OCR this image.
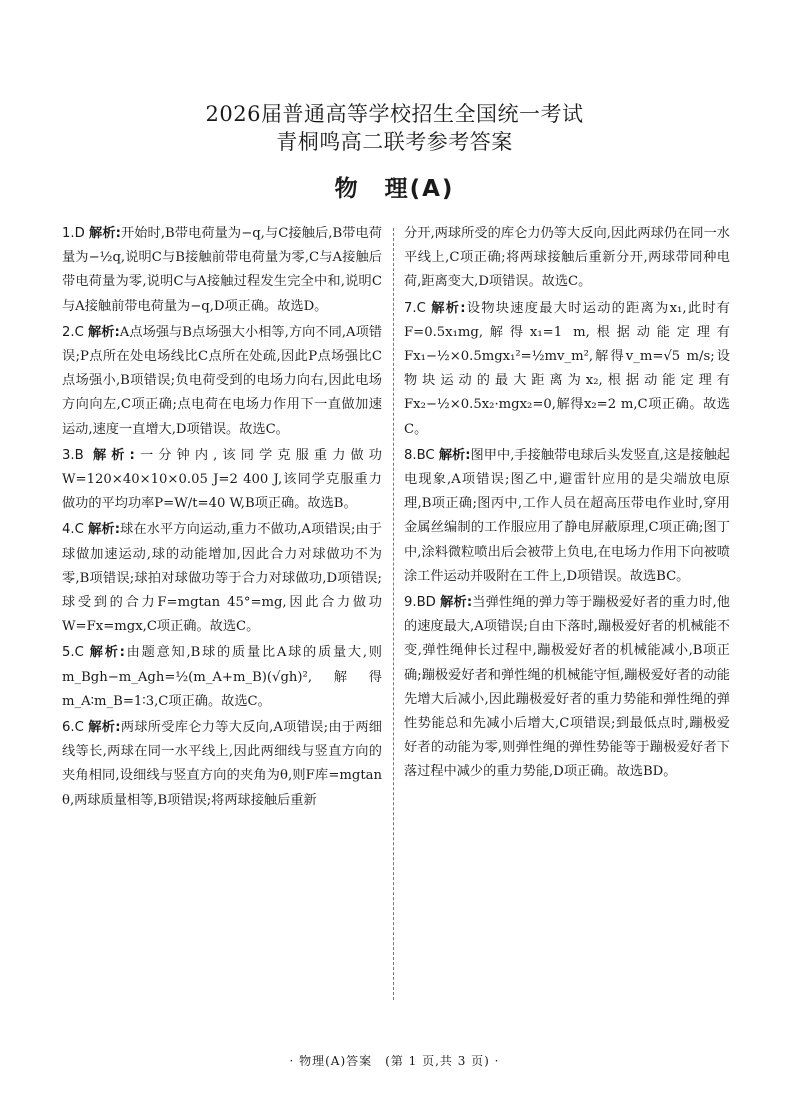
2026届普通高等学校招生全国统一考试
青桐鸣高二联考参考答案
物　理(A)

1.D 解析:开始时,B带电荷量为−q,与C接触后,B带电荷量为−½q,说明C与B接触前带电荷量为零,C与A接触后带电荷量为零,说明C与A接触过程发生完全中和,说明C与A接触前带电荷量为−q,D项正确。故选D。

2.C 解析:A点场强与B点场强大小相等,方向不同,A项错误;P点所在处电场线比C点所在处疏,因此P点场强比C点场强小,B项错误;负电荷受到的电场力向右,因此电场方向向左,C项正确;点电荷在电场力作用下一直做加速运动,速度一直增大,D项错误。故选C。

3.B 解析:一分钟内,该同学克服重力做功W=120×40×10×0.05 J=2 400 J,该同学克服重力做功的平均功率P=W/t=40 W,B项正确。故选B。

4.C 解析:球在水平方向运动,重力不做功,A项错误;由于球做加速运动,球的动能增加,因此合力对球做功不为零,B项错误;球拍对球做功等于合力对球做功,D项错误;球受到的合力F=mgtan 45°=mg,因此合力做功W=Fx=mgx,C项正确。故选C。

5.C 解析:由题意知,B球的质量比A球的质量大,则m_Bgh−m_Agh=½(m_A+m_B)(√gh)²,解得m_A∶m_B=1∶3,C项正确。故选C。

6.C 解析:两球所受库仑力等大反向,A项错误;由于两细线等长,两球在同一水平线上,因此两细线与竖直方向的夹角相同,设细线与竖直方向的夹角为θ,则F库=mgtan θ,两球质量相等,B项错误;将两球接触后重新

分开,两球所受的库仑力仍等大反向,因此两球仍在同一水平线上,C项正确;将两球接触后重新分开,两球带同种电荷,距离变大,D项错误。故选C。

7.C 解析:设物块速度最大时运动的距离为x₁,此时有F=0.5x₁mg,解得x₁=1 m,根据动能定理有Fx₁−½×0.5mgx₁²=½mv_m²,解得v_m=√5 m/s;设物块运动的最大距离为x₂,根据动能定理有Fx₂−½×0.5x₂·mgx₂=0,解得x₂=2 m,C项正确。故选C。

8.BC 解析:图甲中,手接触带电球后头发竖直,这是接触起电现象,A项错误;图乙中,避雷针应用的是尖端放电原理,B项正确;图丙中,工作人员在超高压带电作业时,穿用金属丝编制的工作服应用了静电屏蔽原理,C项正确;图丁中,涂料微粒喷出后会被带上负电,在电场力作用下向被喷涂工件运动并吸附在工件上,D项错误。故选BC。

9.BD 解析:当弹性绳的弹力等于蹦极爱好者的重力时,他的速度最大,A项错误;自由下落时,蹦极爱好者的机械能不变,弹性绳伸长过程中,蹦极爱好者的机械能减小,B项正确;蹦极爱好者和弹性绳的机械能守恒,蹦极爱好者的动能先增大后减小,因此蹦极爱好者的重力势能和弹性绳的弹性势能总和先减小后增大,C项错误;到最低点时,蹦极爱好者的动能为零,则弹性绳的弹性势能等于蹦极爱好者下落过程中减少的重力势能,D项正确。故选BD。

· 物理(A)答案　(第 1 页,共 3 页) ·
